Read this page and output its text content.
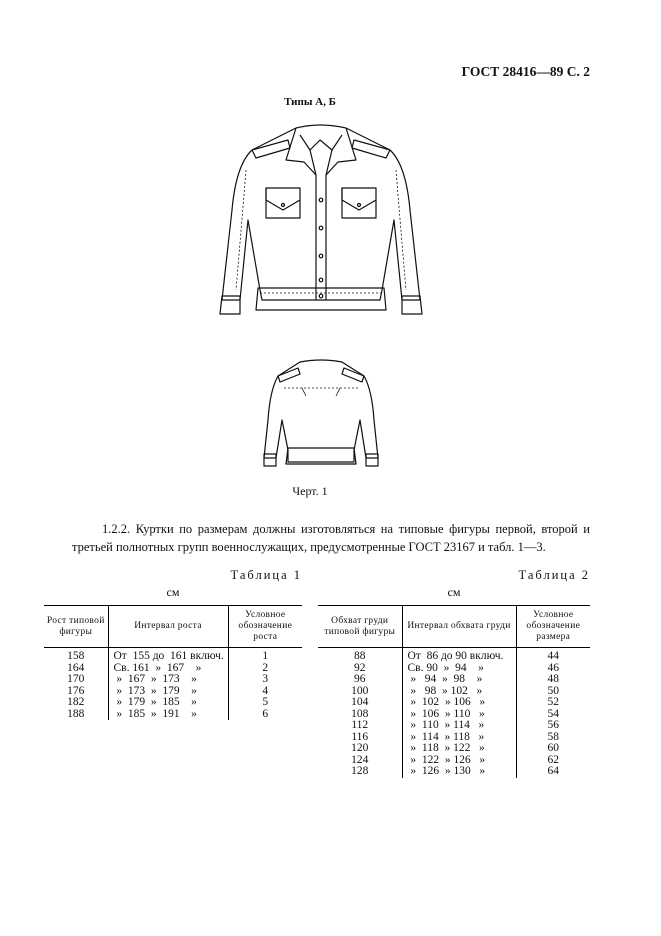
ГОСТ 28416—89 С. 2
Типы А, Б
Черт. 1

1.2.2. Куртки по размерам должны изготовляться на типовые фигуры первой, второй и третьей полнотных групп военнослужащих, предусмотренные ГОСТ 23167 и табл. 1—3.

Таблица 1
см
Рост типовой фигуры	Интервал роста	Условное обозначение роста
158	От  155 до  161 включ.	1
164	Св. 161  »  167    »	2
170	»  167  »  173    »	3
176	»  173  »  179    »	4
182	»  179  »  185    »	5
188	»  185  »  191    »	6
Таблица 2
см
Обхват груди типовой фигуры	Интервал обхвата груди	Условное обозначение размера
88	От  86 до 90 включ.	44
92	Св. 90  »  94    »	46
96	»   94  »  98    »	48
100	»   98  » 102   »	50
104	»  102  » 106   »	52
108	»  106  » 110   »	54
112	»  110  » 114   »	56
116	»  114  » 118   »	58
120	»  118  » 122   »	60
124	»  122  » 126   »	62
128	»  126  » 130   »	64
